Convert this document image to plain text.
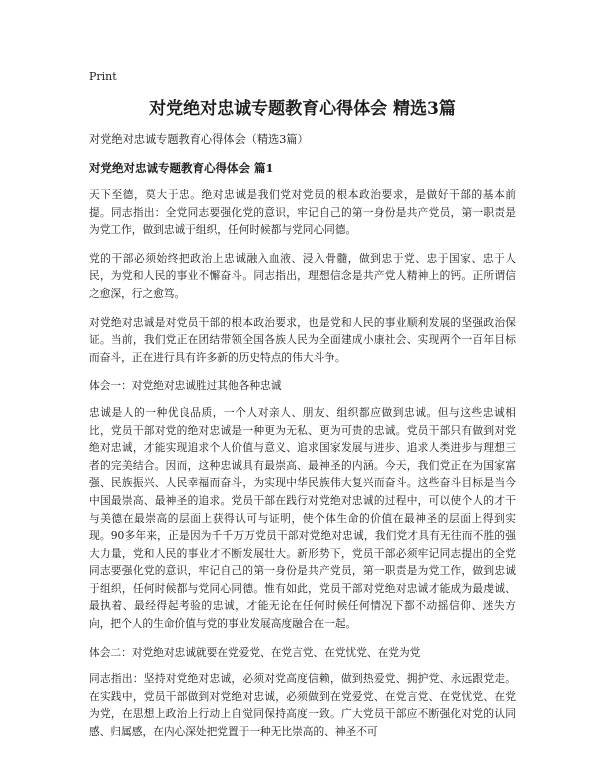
Print
对党绝对忠诚专题教育心得体会 精选3篇
对党绝对忠诚专题教育心得体会（精选3篇）
对党绝对忠诚专题教育心得体会 篇1

天下至德，莫大于忠。绝对忠诚是我们党对党员的根本政治要求，是做好干部的基本前提。同志指出：全党同志要强化党的意识，牢记自己的第一身份是共产党员，第一职责是为党工作，做到忠诚于组织，任何时候都与党同心同德。

党的干部必须始终把政治上忠诚融入血液、浸入骨髓，做到忠于党、忠于国家、忠于人民，为党和人民的事业不懈奋斗。同志指出，理想信念是共产党人精神上的钙。正所谓信之愈深，行之愈笃。

对党绝对忠诚是对党员干部的根本政治要求，也是党和人民的事业顺利发展的坚强政治保证。当前，我们党正在团结带领全国各族人民为全面建成小康社会、实现两个一百年目标而奋斗，正在进行具有许多新的历史特点的伟大斗争。

体会一：对党绝对忠诚胜过其他各种忠诚

忠诚是人的一种优良品质，一个人对亲人、朋友、组织都应做到忠诚。但与这些忠诚相比，党员干部对党的绝对忠诚是一种更为无私、更为可贵的忠诚。党员干部只有做到对党绝对忠诚，才能实现追求个人价值与意义、追求国家发展与进步、追求人类进步与理想三者的完美结合。因而，这种忠诚具有最崇高、最神圣的内涵。今天，我们党正在为国家富强、民族振兴、人民幸福而奋斗，为实现中华民族伟大复兴而奋斗。这些奋斗目标是当今中国最崇高、最神圣的追求。党员干部在践行对党绝对忠诚的过程中，可以使个人的才干与美德在最崇高的层面上获得认可与证明，使个体生命的价值在最神圣的层面上得到实现。90多年来，正是因为千千万万党员干部对党绝对忠诚，我们党才具有无往而不胜的强大力量，党和人民的事业才不断发展壮大。新形势下，党员干部必须牢记同志提出的全党同志要强化党的意识，牢记自己的第一身份是共产党员，第一职责是为党工作，做到忠诚于组织，任何时候都与党同心同德。惟有如此，党员干部对党绝对忠诚才能成为最虔诚、最执着、最经得起考验的忠诚，才能无论在任何时候任何情况下都不动摇信仰、迷失方向，把个人的生命价值与党的事业发展高度融合在一起。

体会二：对党绝对忠诚就要在党爱党、在党言党、在党忧党、在党为党

同志指出：坚持对党绝对忠诚，必须对党高度信赖，做到热爱党、拥护党、永远跟党走。在实践中，党员干部做到对党绝对忠诚，必须做到在党爱党、在党言党、在党忧党、在党为党，在思想上政治上行动上自觉同保持高度一致。广大党员干部应不断强化对党的认同感、归属感，在内心深处把党置于一种无比崇高的、神圣不可
